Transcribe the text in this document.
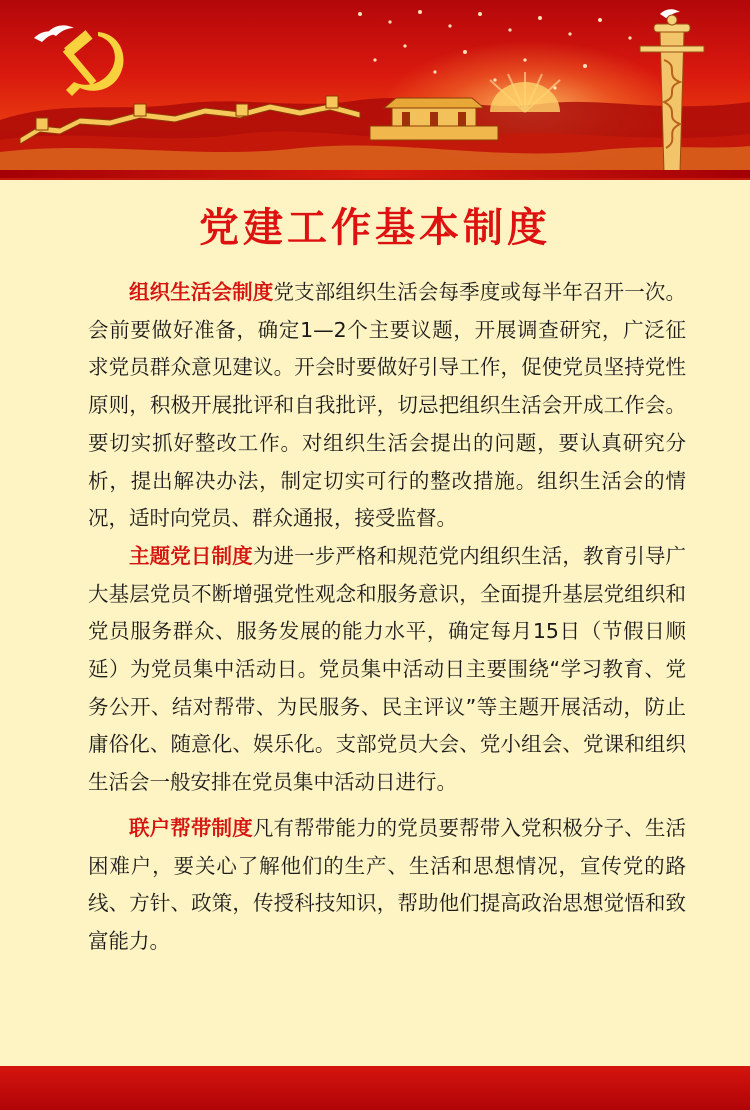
党建工作基本制度

组织生活会制度党支部组织生活会每季度或每半年召开一次。会前要做好准备，确定1—2个主要议题，开展调查研究，广泛征求党员群众意见建议。开会时要做好引导工作，促使党员坚持党性原则，积极开展批评和自我批评，切忌把组织生活会开成工作会。要切实抓好整改工作。对组织生活会提出的问题，要认真研究分析，提出解决办法，制定切实可行的整改措施。组织生活会的情况，适时向党员、群众通报，接受监督。

主题党日制度为进一步严格和规范党内组织生活，教育引导广大基层党员不断增强党性观念和服务意识，全面提升基层党组织和党员服务群众、服务发展的能力水平，确定每月15日（节假日顺延）为党员集中活动日。党员集中活动日主要围绕“学习教育、党务公开、结对帮带、为民服务、民主评议”等主题开展活动，防止庸俗化、随意化、娱乐化。支部党员大会、党小组会、党课和组织生活会一般安排在党员集中活动日进行。

联户帮带制度凡有帮带能力的党员要帮带入党积极分子、生活困难户，要关心了解他们的生产、生活和思想情况，宣传党的路线、方针、政策，传授科技知识，帮助他们提高政治思想觉悟和致富能力。
